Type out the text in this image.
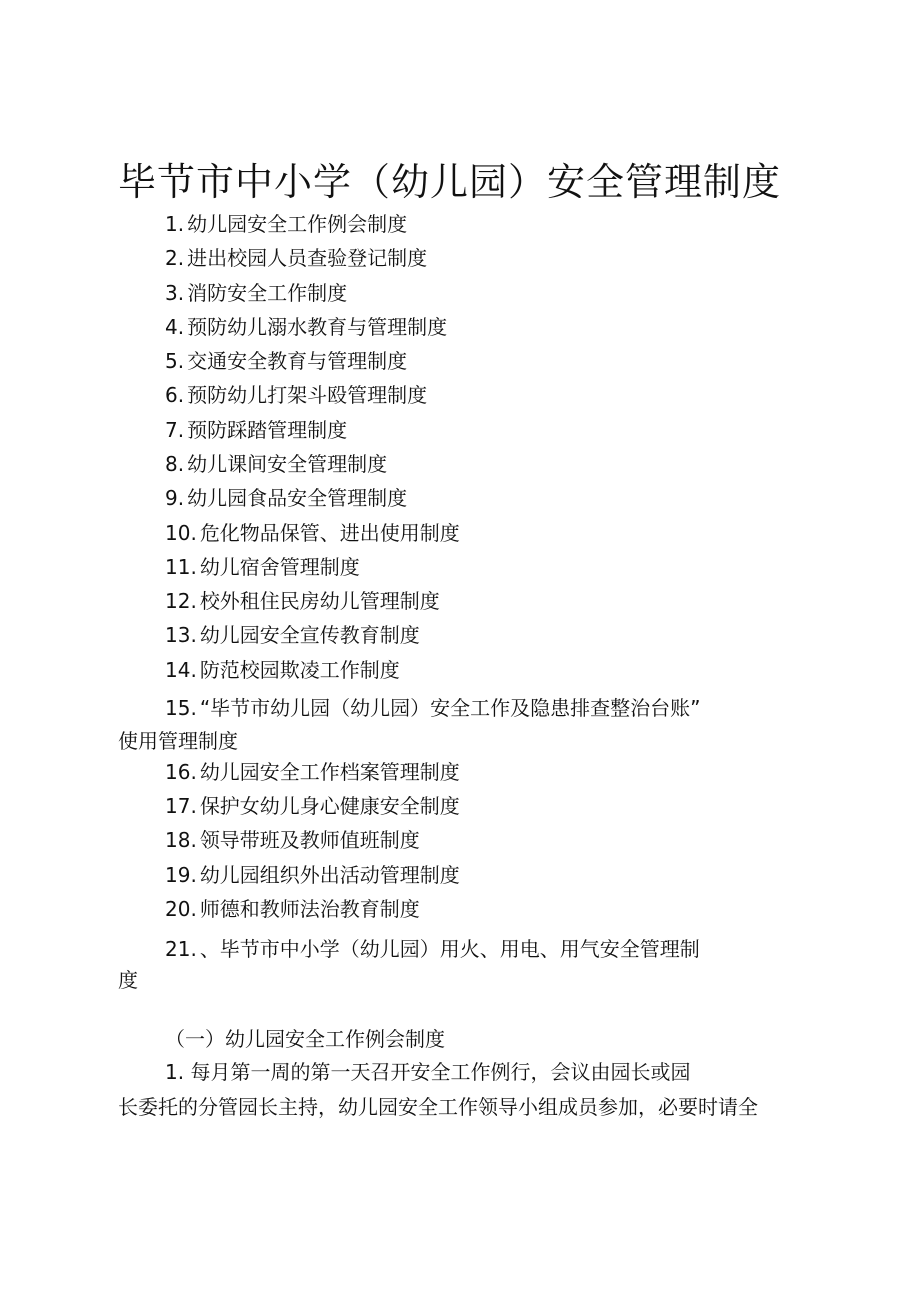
毕节市中小学（幼儿园）安全管理制度
1. 幼儿园安全工作例会制度
2. 进出校园人员查验登记制度
3. 消防安全工作制度
4. 预防幼儿溺水教育与管理制度
5. 交通安全教育与管理制度
6. 预防幼儿打架斗殴管理制度
7. 预防踩踏管理制度
8. 幼儿课间安全管理制度
9. 幼儿园食品安全管理制度
10. 危化物品保管、进出使用制度
11. 幼儿宿舍管理制度
12. 校外租住民房幼儿管理制度
13. 幼儿园安全宣传教育制度
14. 防范校园欺凌工作制度
15. “毕节市幼儿园（幼儿园）安全工作及隐患排查整治台账”
使用管理制度
16. 幼儿园安全工作档案管理制度
17. 保护女幼儿身心健康安全制度
18. 领导带班及教师值班制度
19. 幼儿园组织外出活动管理制度
20. 师德和教师法治教育制度
21. 、毕节市中小学（幼儿园）用火、用电、用气安全管理制
度
（一）幼儿园安全工作例会制度
1. 每月第一周的第一天召开安全工作例行，会议由园长或园
长委托的分管园长主持，幼儿园安全工作领导小组成员参加，必要时请全
